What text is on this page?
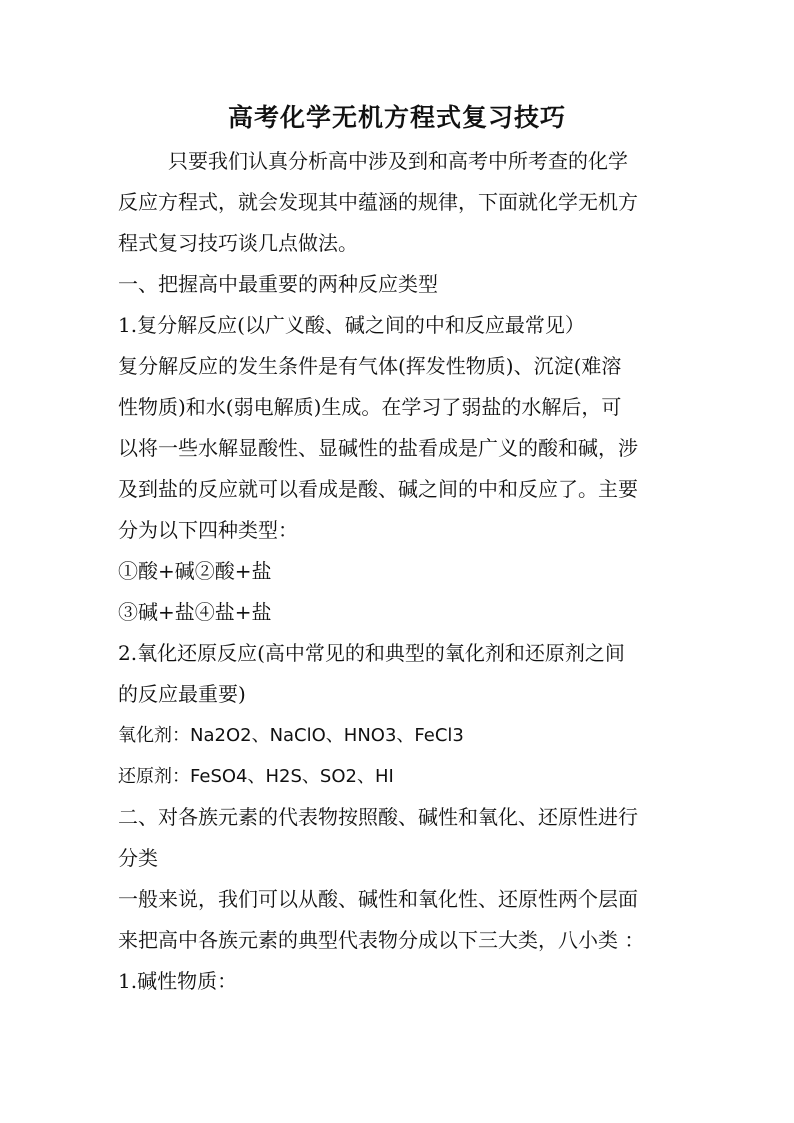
高考化学无机方程式复习技巧
只要我们认真分析高中涉及到和高考中所考查的化学
反应方程式，就会发现其中蕴涵的规律，下面就化学无机方
程式复习技巧谈几点做法。
一、把握高中最重要的两种反应类型
1.复分解反应(以广义酸、碱之间的中和反应最常见）
复分解反应的发生条件是有气体(挥发性物质)、沉淀(难溶
性物质)和水(弱电解质)生成。在学习了弱盐的水解后，可
以将一些水解显酸性、显碱性的盐看成是广义的酸和碱，涉
及到盐的反应就可以看成是酸、碱之间的中和反应了。主要
分为以下四种类型：
①酸+碱②酸+盐
③碱+盐④盐+盐
2.氧化还原反应(高中常见的和典型的氧化剂和还原剂之间
的反应最重要)
氧化剂：Na2O2、NaClO、HNO3、FeCl3
还原剂：FeSO4、H2S、SO2、HI
二、对各族元素的代表物按照酸、碱性和氧化、还原性进行
分类
一般来说，我们可以从酸、碱性和氧化性、还原性两个层面
来把高中各族元素的典型代表物分成以下三大类，八小类 ：
1.碱性物质：
